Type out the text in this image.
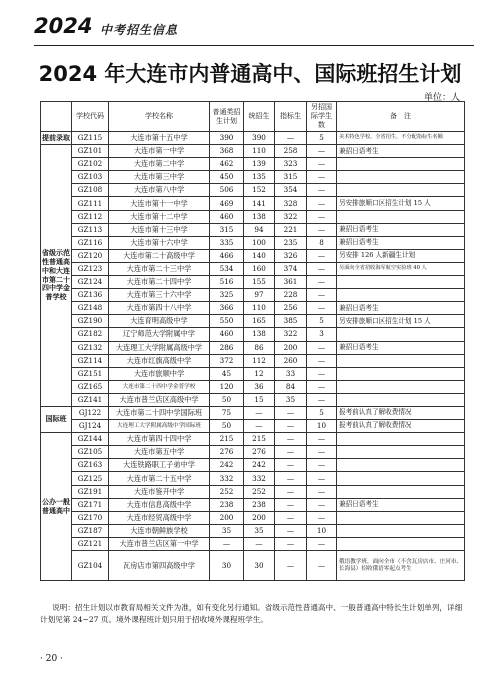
2024 中考招生信息
2024 年大连市内普通高中、国际班招生计划
单位：人
	学校代码	学校名称	普通类招生计划	统招生	指标生	另招国际学生数	备　注
提前录取	GZ115	大连市第十五中学	390	390	—	5	美术特色学校。全省招生，不分配指标生名额
省级示范性普通高中和大连市第二十四中学金普学校	GZ101	大连市第一中学	368	110	258	—	兼招日语考生
	GZ102	大连市第二中学	462	139	323	—	
	GZ103	大连市第三中学	450	135	315	—	
	GZ108	大连市第八中学	506	152	354	—	
	GZ111	大连市第十一中学	469	141	328	—	另安排旅顺口区招生计划 15 人
	GZ112	大连市第十二中学	460	138	322	—	
	GZ113	大连市第十三中学	315	94	221	—	兼招日语考生
	GZ116	大连市第十六中学	335	100	235	8	兼招日语考生
	GZ120	大连市第二十高级中学	466	140	326	—	另安排 126 人新疆生计划
	GZ123	大连市第二十三中学	534	160	374	—	另面向全省招收海军航空实验班 40 人
	GZ124	大连市第二十四中学	516	155	361	—	
	GZ136	大连市第三十六中学	325	97	228	—	
	GZ148	大连市第四十八中学	366	110	256	—	兼招日语考生
	GZ190	大连育明高级中学	550	165	385	5	另安排旅顺口区招生计划 15 人
	GZ182	辽宁师范大学附属中学	460	138	322	3	
	GZ132	大连理工大学附属高级中学	286	86	200	—	兼招日语考生
	GZ114	大连市红旗高级中学	372	112	260	—	
	GZ151	大连市旅顺中学	45	12	33	—	
	GZ165	大连市第二十四中学金普学校	120	36	84	—	
	GZ141	大连市普兰店区高级中学	50	15	35	—	
国际班	GJ122	大连市第二十四中学国际班	75	—	—	5	报考前认真了解收费情况
	GJ124	大连理工大学附属高级中学国际班	50	—	—	10	报考前认真了解收费情况
公办一般普通高中	GZ144	大连市第四十四中学	215	215	—	—	
	GZ105	大连市第五中学	276	276	—	—	
	GZ163	大连铁路职工子弟中学	242	242	—	—	
	GZ125	大连市第二十五中学	332	332	—	—	
	GZ191	大连市鉴开中学	252	252	—	—	
	GZ171	大连市信息高级中学	238	238	—	—	兼招日语考生
	GZ170	大连市经贸高级中学	200	200	—	—	
	GZ187	大连市朝鲜族学校	35	35	—	10	
	GZ121	大连市普兰店区第一中学	—	—	—	—	
	GZ104	瓦房店市第四高级中学	30	30	—	—	俄语教学班，面向全市（不含瓦房店市、庄河市、长海县）招收俄语零起点考生

说明：招生计划以市教育局相关文件为准，如有变化另行通知。省级示范性普通高中、一般普通高中特长生计划单列，详细计划见第 24~27 页。境外课程班计划只用于招收境外课程班学生。

· 20 ·
